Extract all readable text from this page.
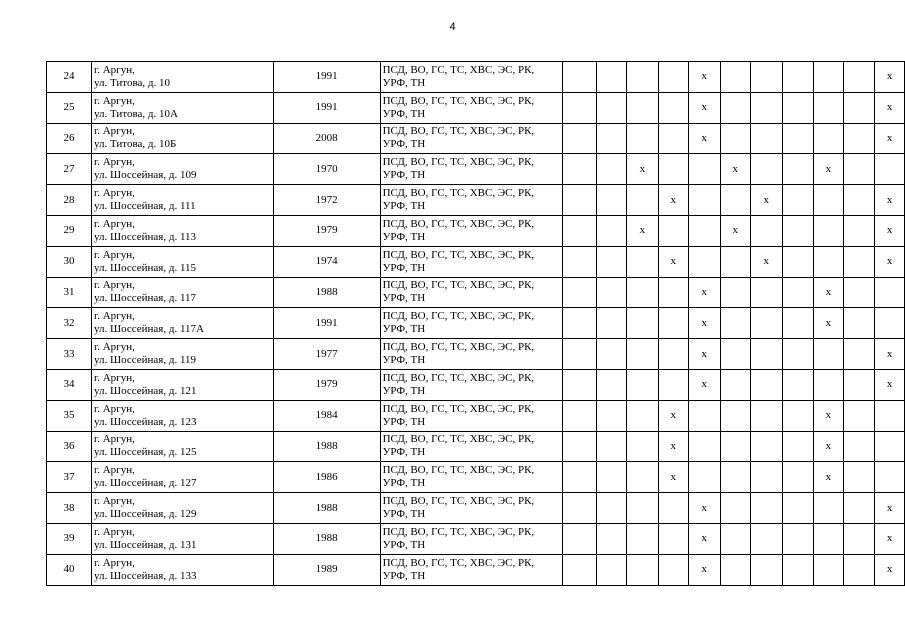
4
24	г. Аргун,
ул. Титова, д. 10	1991	ПСД, ВО, ГС, ТС, ХВС, ЭС, РК,
УРФ, ТН					x						x
25	г. Аргун,
ул. Титова, д. 10А	1991	ПСД, ВО, ГС, ТС, ХВС, ЭС, РК,
УРФ, ТН					x						x
26	г. Аргун,
ул. Титова, д. 10Б	2008	ПСД, ВО, ГС, ТС, ХВС, ЭС, РК,
УРФ, ТН					x						x
27	г. Аргун,
ул. Шоссейная, д. 109	1970	ПСД, ВО, ГС, ТС, ХВС, ЭС, РК,
УРФ, ТН			x			x			x		
28	г. Аргун,
ул. Шоссейная, д. 111	1972	ПСД, ВО, ГС, ТС, ХВС, ЭС, РК,
УРФ, ТН				x			x				x
29	г. Аргун,
ул. Шоссейная, д. 113	1979	ПСД, ВО, ГС, ТС, ХВС, ЭС, РК,
УРФ, ТН			x			x					x
30	г. Аргун,
ул. Шоссейная, д. 115	1974	ПСД, ВО, ГС, ТС, ХВС, ЭС, РК,
УРФ, ТН				x			x				x
31	г. Аргун,
ул. Шоссейная, д. 117	1988	ПСД, ВО, ГС, ТС, ХВС, ЭС, РК,
УРФ, ТН					x				x		
32	г. Аргун,
ул. Шоссейная, д. 117А	1991	ПСД, ВО, ГС, ТС, ХВС, ЭС, РК,
УРФ, ТН					x				x		
33	г. Аргун,
ул. Шоссейная, д. 119	1977	ПСД, ВО, ГС, ТС, ХВС, ЭС, РК,
УРФ, ТН					x						x
34	г. Аргун,
ул. Шоссейная, д. 121	1979	ПСД, ВО, ГС, ТС, ХВС, ЭС, РК,
УРФ, ТН					x						x
35	г. Аргун,
ул. Шоссейная, д. 123	1984	ПСД, ВО, ГС, ТС, ХВС, ЭС, РК,
УРФ, ТН				x					x		
36	г. Аргун,
ул. Шоссейная, д. 125	1988	ПСД, ВО, ГС, ТС, ХВС, ЭС, РК,
УРФ, ТН				x					x		
37	г. Аргун,
ул. Шоссейная, д. 127	1986	ПСД, ВО, ГС, ТС, ХВС, ЭС, РК,
УРФ, ТН				x					x		
38	г. Аргун,
ул. Шоссейная, д. 129	1988	ПСД, ВО, ГС, ТС, ХВС, ЭС, РК,
УРФ, ТН					x						x
39	г. Аргун,
ул. Шоссейная, д. 131	1988	ПСД, ВО, ГС, ТС, ХВС, ЭС, РК,
УРФ, ТН					x						x
40	г. Аргун,
ул. Шоссейная, д. 133	1989	ПСД, ВО, ГС, ТС, ХВС, ЭС, РК,
УРФ, ТН					x						x
